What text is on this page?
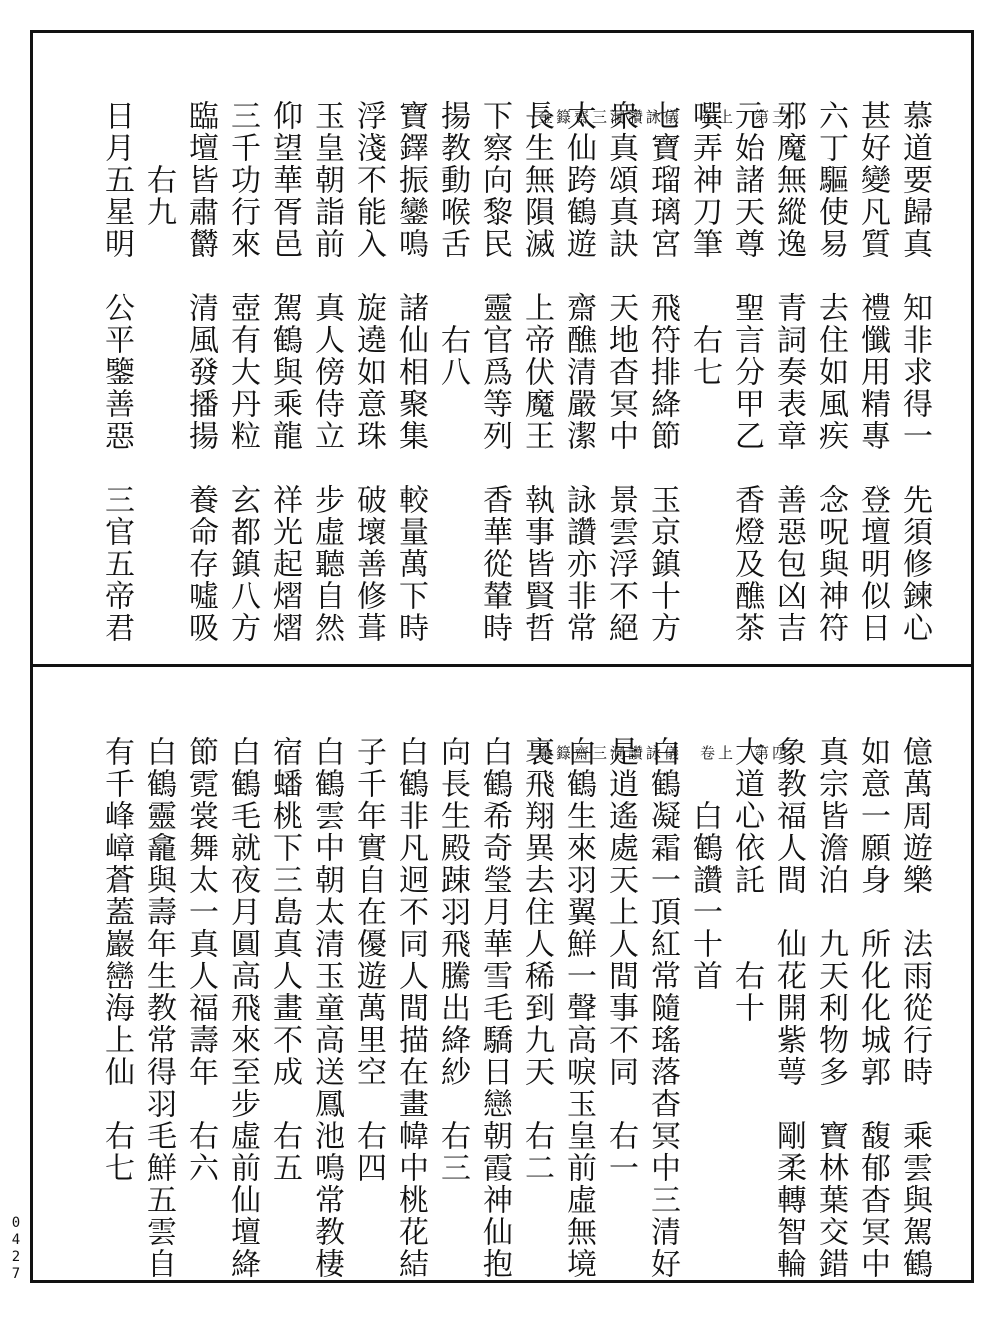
金籙齋三洞讚詠儀　卷上　第三	慕道要歸真　知非求得一　先須修鍊心
甚好變凡質　禮懺用精專　登壇明似日
六丁驅使易　去住如風疾　念呪與神符
邪魔無縱逸　青詞奏表章　善惡包凶吉
元始諸天尊　聖言分甲乙　香燈及醮茶
噀弄神刀筆　　右七
七寶瑠璃宮　飛符排絳節　玉京鎮十方
衆真頌真訣　天地杳冥中　景雲浮不絕
太仙跨鶴遊　齋醮清嚴潔　詠讚亦非常
長生無隕滅　上帝伏魔王　執事皆賢哲
下察向黎民　靈官爲等列　香華從輦時
揚教動喉舌　　右八
寶鐸振鑾鳴　諸仙相聚集　較量萬下時
浮淺不能入　旋遶如意珠　破壞善修葺
玉皇朝詣前　真人傍侍立　步虛聽自然
仰望華胥邑　駕鶴與乘龍　祥光起熠熠
三千功行來　壺有大丹粒　玄都鎮八方
臨壇皆肅欝　清風發播揚　養命存噓吸
　　右九
日月五星明　公平鑒善惡　三官五帝君
金籙齋三洞讚詠儀　卷上　第四	億萬周遊樂　法雨從行時　乘雲與駕鶴
如意一願身　所化化城郭　馥郁杳冥中
真宗皆澹泊　九天利物多　寶林葉交錯
象教福人間　仙花開紫萼　剛柔轉智輪
大道心依託　　右十
　　白鶴讚一十首
白鶴凝霜一頂紅常隨瑤落杳冥中三清好
是逍遙處天上人間事不同　右一
白鶴生來羽翼鮮一聲高唳玉皇前虛無境
裏飛翔異去住人稀到九天　右二
白鶴希奇瑩月華雪毛驕日戀朝霞神仙抱
向長生殿踈羽飛騰出絳紗　右三
白鶴非凡迥不同人間描在畫幃中桃花結
子千年實自在優遊萬里空　右四
白鶴雲中朝太清玉童高送鳳池鳴常教棲
宿蟠桃下三島真人畫不成　右五
白鶴毛就夜月圓高飛來至步虛前仙壇絳
節霓裳舞太一真人福壽年　右六
白鶴靈龕與壽年生教常得羽毛鮮五雲自
有千峰嶂蒼蓋巖巒海上仙　右七
0427
